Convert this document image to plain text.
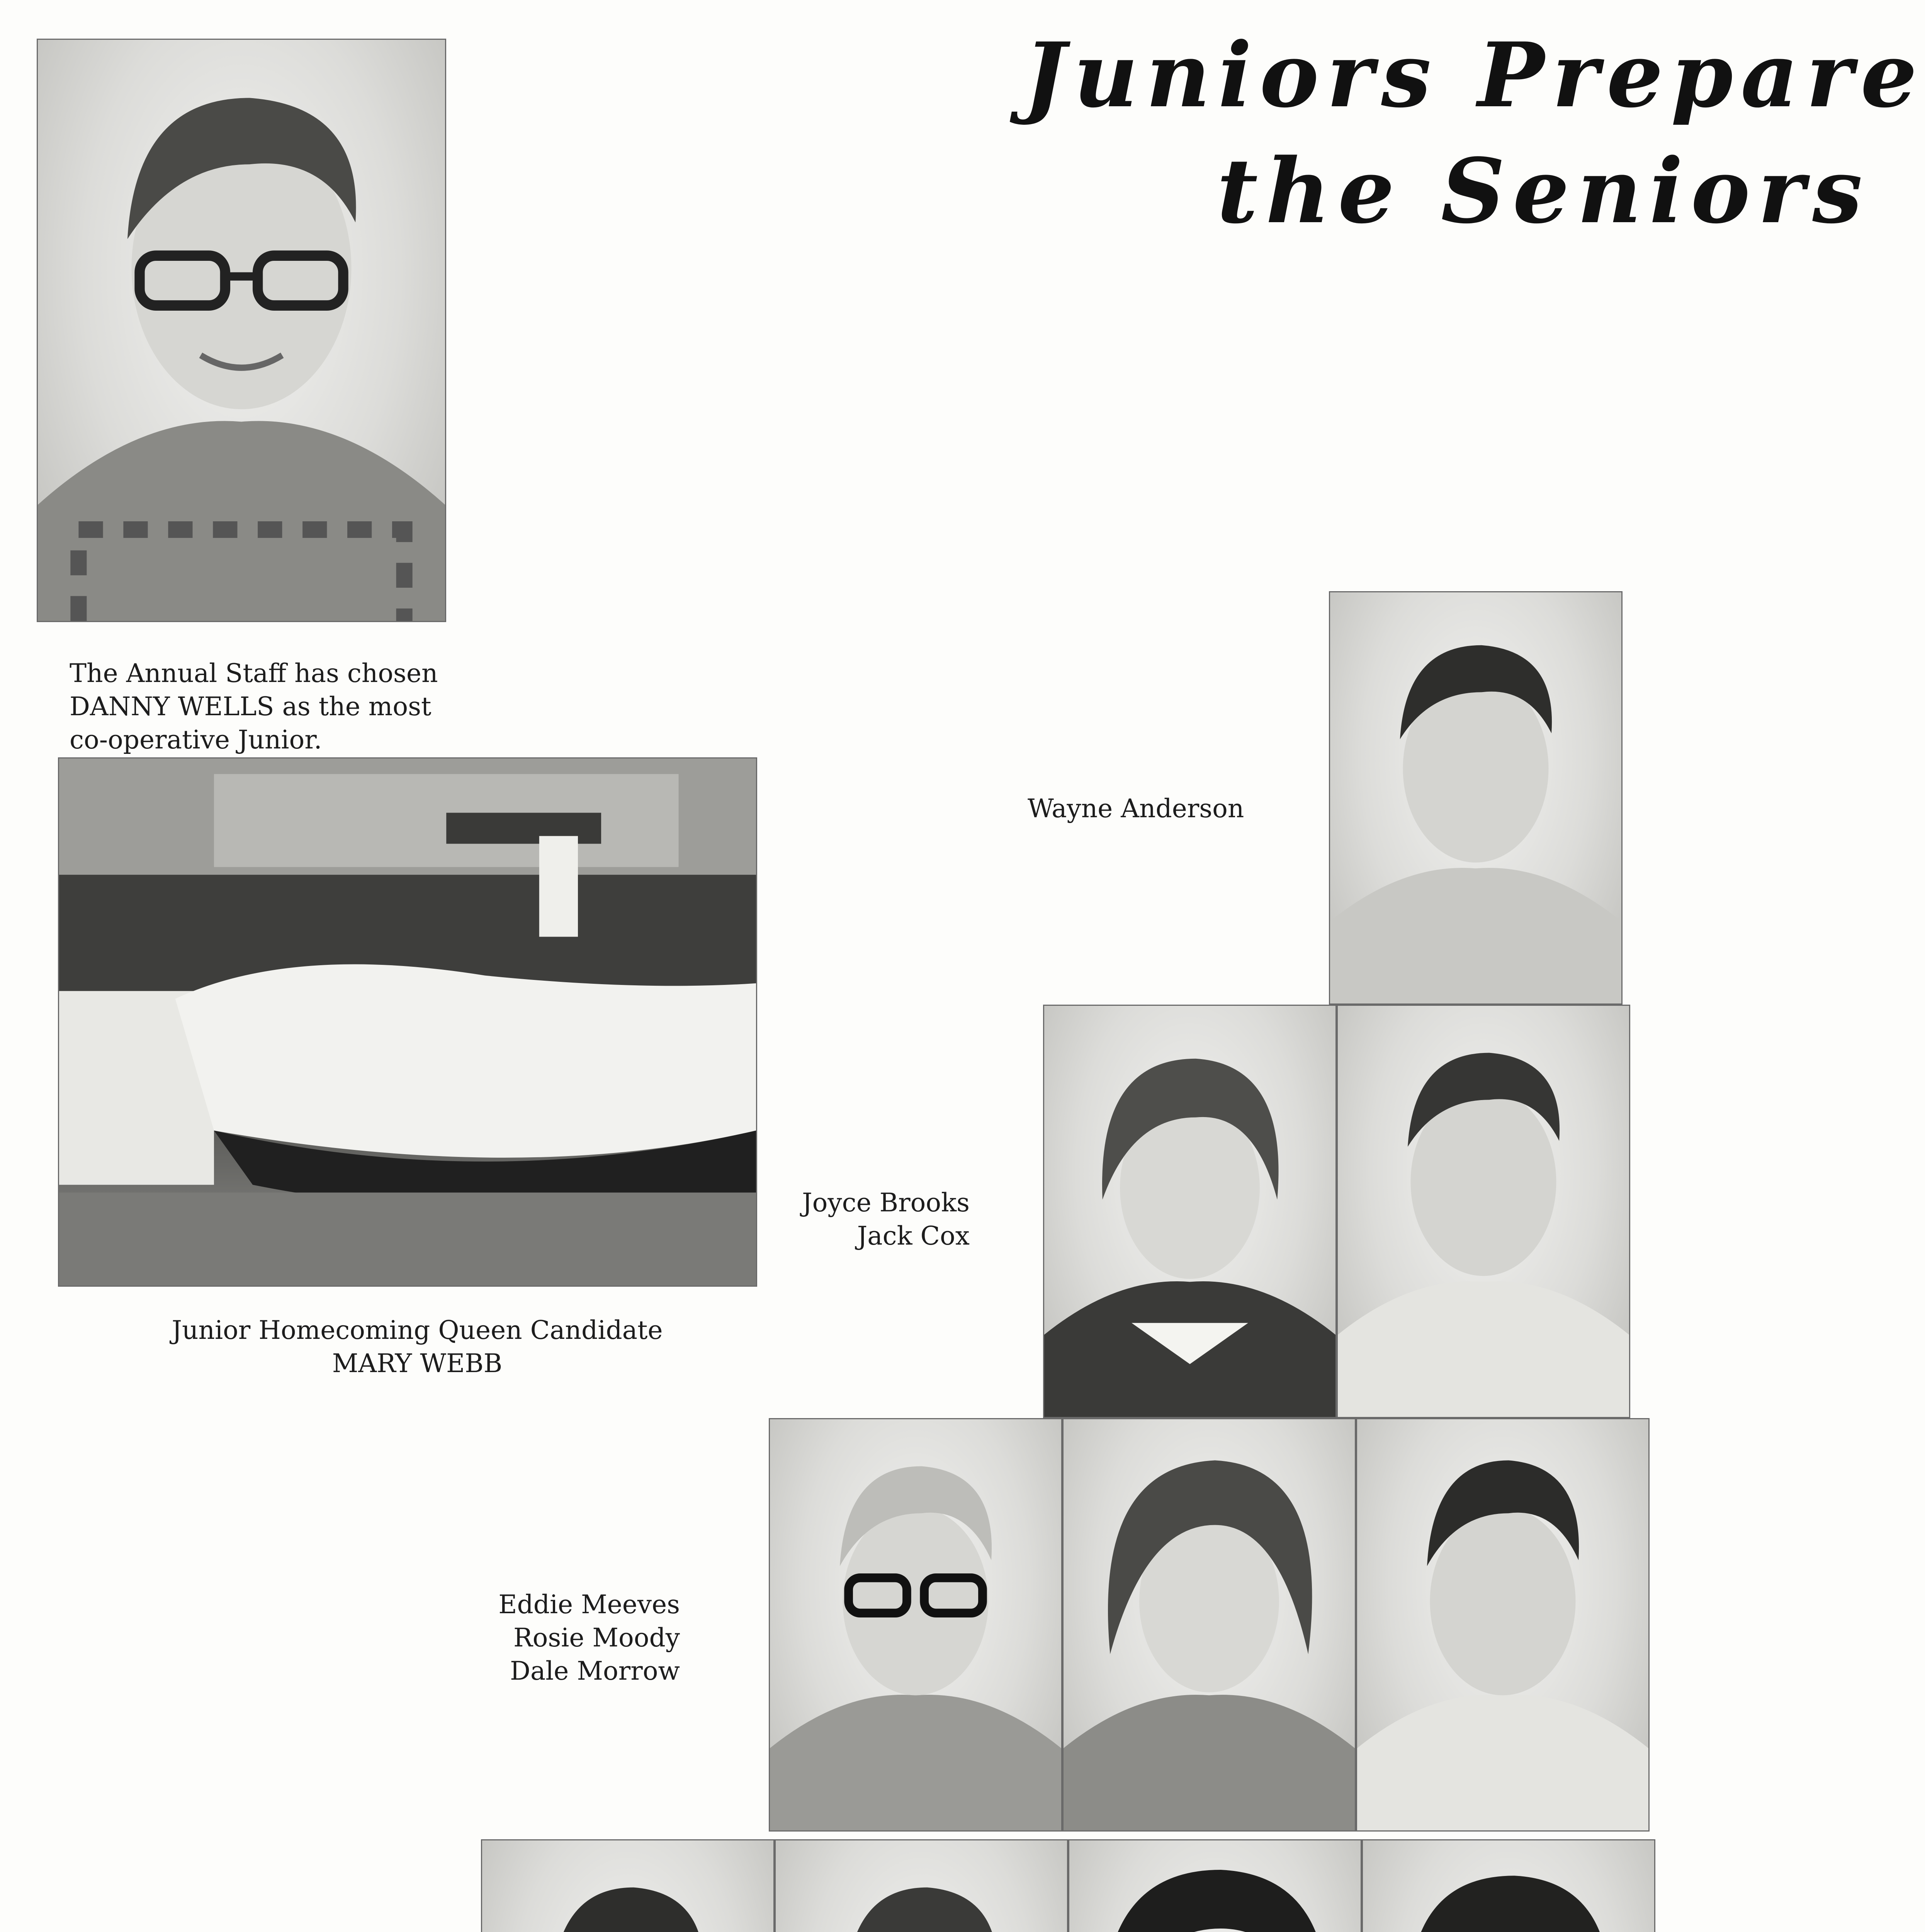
Juniors Prepare
the Seniors
The Annual Staff has chosen
DANNY WELLS as the most
co-operative Junior.
Junior Homecoming Queen Candidate
MARY WEBB
Wayne Anderson
Joyce Brooks
Jack Cox
Eddie Meeves
Rosie Moody
Dale Morrow
